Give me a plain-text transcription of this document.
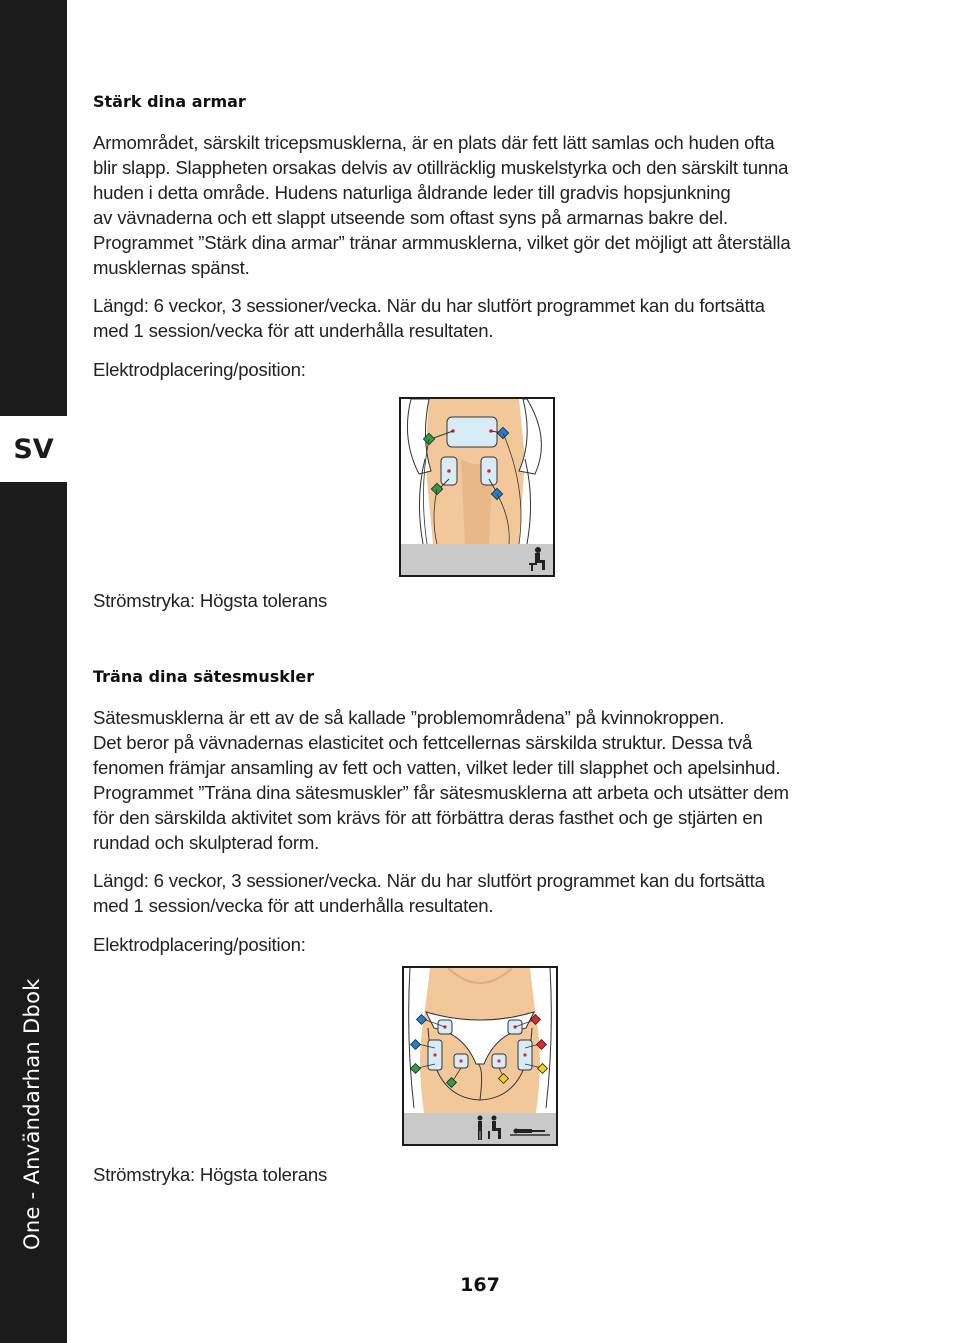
SV
One - Användarhan Dbok
Stärk dina armar

Armområdet, särskilt tricepsmusklerna, är en plats där fett lätt samlas och huden ofta

blir slapp. Slappheten orsakas delvis av otillräcklig muskelstyrka och den särskilt tunna

huden i detta område. Hudens naturliga åldrande leder till gradvis hopsjunkning

av vävnaderna och ett slappt utseende som oftast syns på armarnas bakre del.

Programmet ”Stärk dina armar” tränar armmusklerna, vilket gör det möjligt att återställa

musklernas spänst.

Längd: 6 veckor, 3 sessioner/vecka. När du har slutfört programmet kan du fortsätta

med 1 session/vecka för att underhålla resultaten.

Elektrodplacering/position:

Strömstryka: Högsta tolerans

Träna dina sätesmuskler

Sätesmusklerna är ett av de så kallade ”problemområdena” på kvinnokroppen.

Det beror på vävnadernas elasticitet och fettcellernas särskilda struktur. Dessa två

fenomen främjar ansamling av fett och vatten, vilket leder till slapphet och apelsinhud.

Programmet ”Träna dina sätesmuskler” får sätesmusklerna att arbeta och utsätter dem

för den särskilda aktivitet som krävs för att förbättra deras fasthet och ge stjärten en

rundad och skulpterad form.

Längd: 6 veckor, 3 sessioner/vecka. När du har slutfört programmet kan du fortsätta

med 1 session/vecka för att underhålla resultaten.

Elektrodplacering/position:

Strömstryka: Högsta tolerans

167
